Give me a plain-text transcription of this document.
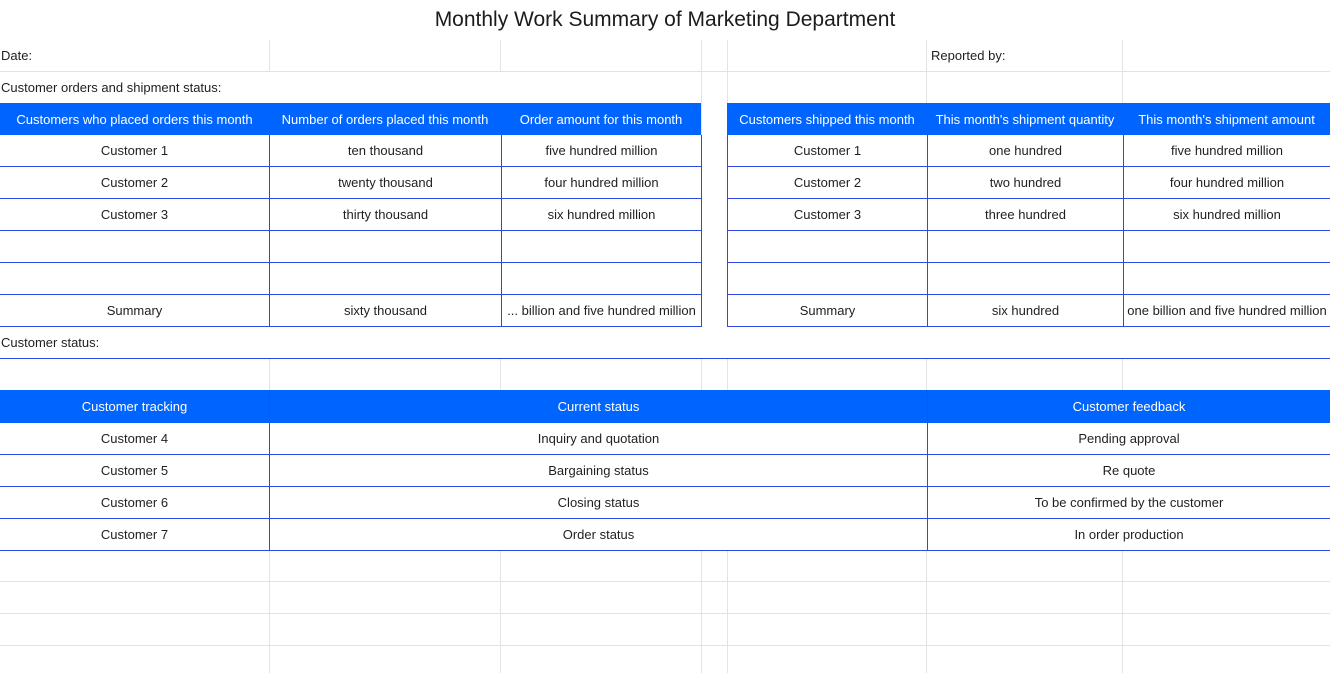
Monthly Work Summary of Marketing Department
Date:	Reported by:
Customer orders and shipment status:
Customers who placed orders this month	Number of orders placed this month	Order amount for this month
Customer 1	ten thousand	five hundred million
Customer 2	twenty thousand	four hundred million
Customer 3	thirty thousand	six hundred million
Summary	sixty thousand	... billion and five hundred million
Customers shipped this month	This month's shipment quantity	This month's shipment amount
Customer 1	one hundred	five hundred million
Customer 2	two hundred	four hundred million
Customer 3	three hundred	six hundred million
Summary	six hundred	one billion and five hundred million
Customer status:
Customer tracking	Current status	Customer feedback
Customer 4	Inquiry and quotation	Pending approval
Customer 5	Bargaining status	Re quote
Customer 6	Closing status	To be confirmed by the customer
Customer 7	Order status	In order production
